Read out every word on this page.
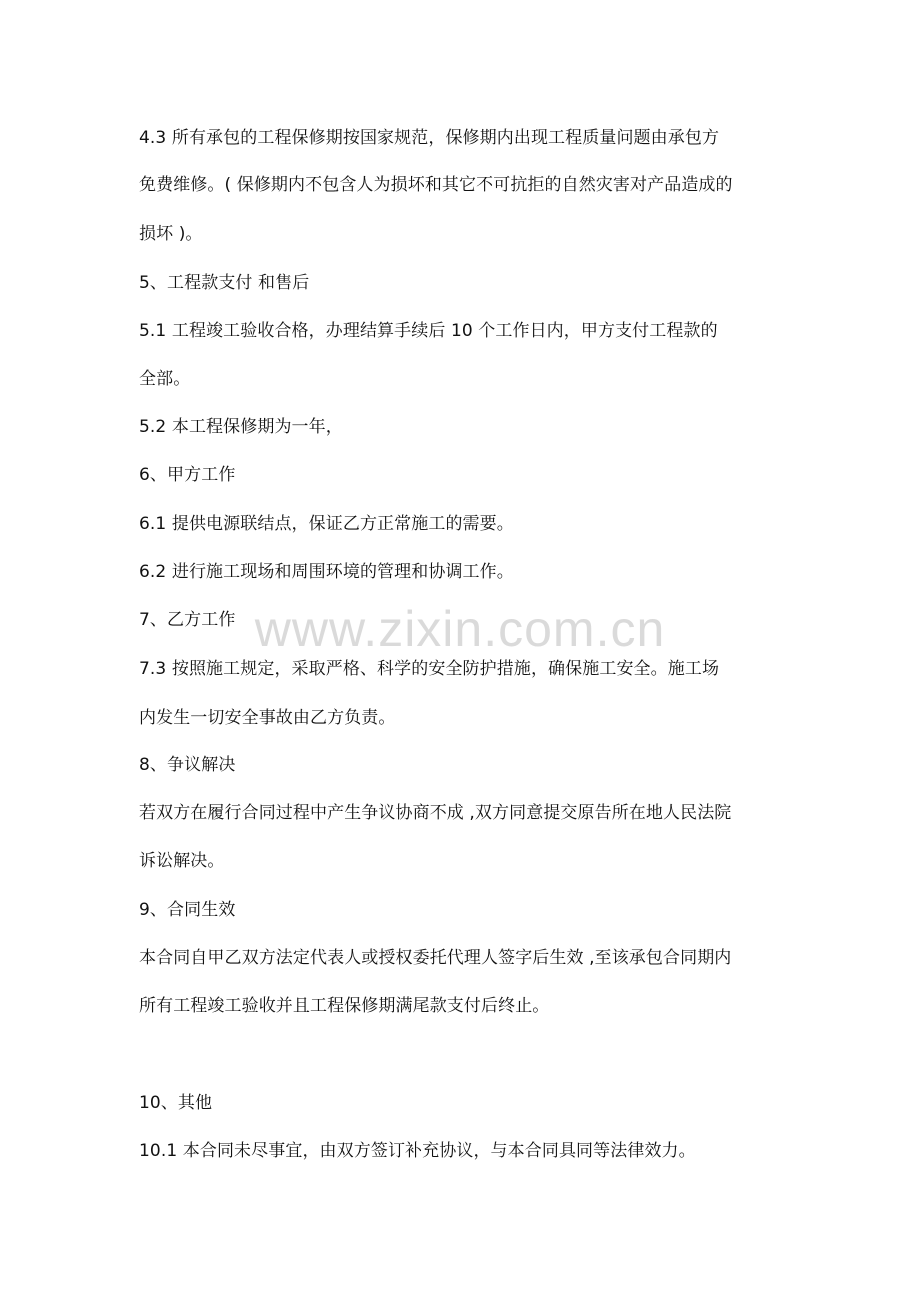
4.3 所有承包的工程保修期按国家规范，保修期内出现工程质量问题由承包方
免费维修。( 保修期内不包含人为损坏和其它不可抗拒的自然灾害对产品造成的
损坏 )。
5、工程款支付 和售后
5.1 工程竣工验收合格，办理结算手续后 10 个工作日内，甲方支付工程款的
全部。
5.2 本工程保修期为一年，
6、甲方工作
6.1 提供电源联结点，保证乙方正常施工的需要。
6.2 进行施工现场和周围环境的管理和协调工作。
7、乙方工作
7.3 按照施工规定，采取严格、科学的安全防护措施，确保施工安全。施工场
内发生一切安全事故由乙方负责。
8、争议解决
若双方在履行合同过程中产生争议协商不成 ,双方同意提交原告所在地人民法院
诉讼解决。
9、合同生效
本合同自甲乙双方法定代表人或授权委托代理人签字后生效 ,至该承包合同期内
所有工程竣工验收并且工程保修期满尾款支付后终止。
10、其他
10.1 本合同未尽事宜，由双方签订补充协议，与本合同具同等法律效力。
www.zixin.com.cn
